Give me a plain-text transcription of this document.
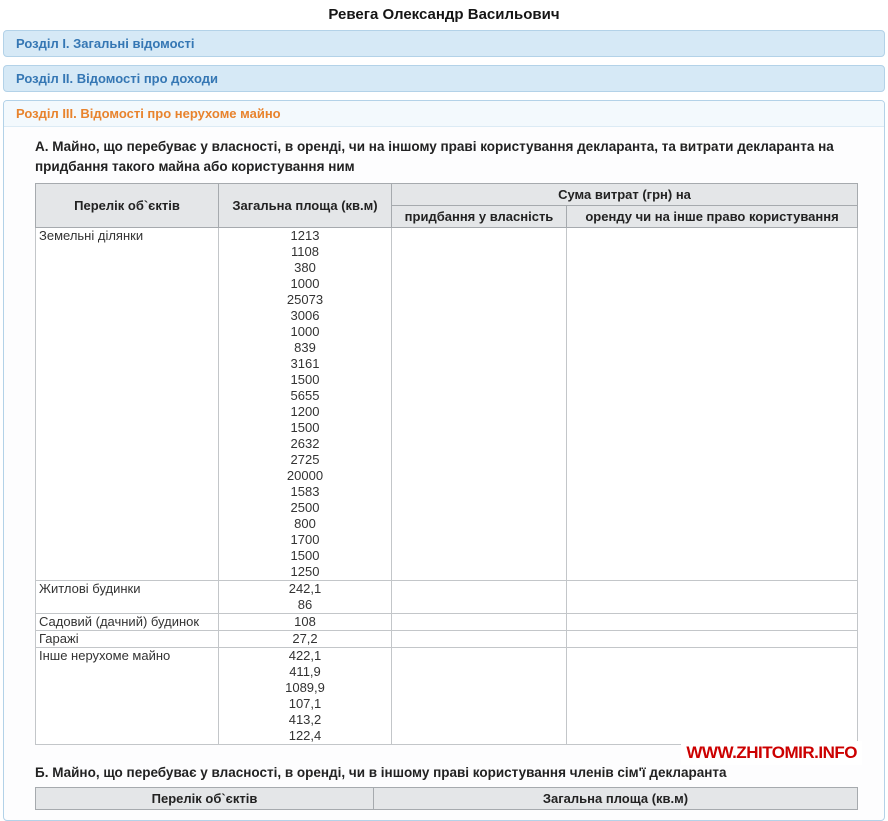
Ревега Олександр Васильович
Розділ I. Загальні відомості
Розділ II. Відомості про доходи
Розділ III. Відомості про нерухоме майно
А. Майно, що перебуває у власності, в оренді, чи на іншому праві користування декларанта, та витрати декларанта на придбання такого майна або користування ним
Перелік об`єктів	Загальна площа (кв.м)	Сума витрат (грн) на	
		придбання у власність	оренду чи на інше право користування
Земельні ділянки	1213
1108
380
1000
25073
3006
1000
839
3161
1500
5655
1200
1500
2632
2725
20000
1583
2500
800
1700
1500
1250

Житлові будинки	242,1
86		

Садовий (дачний) будинок	108		

Гаражі	27,2		

Інше нерухоме майно	422,1
411,9
1089,9
107,1
413,2
122,4

Б. Майно, що перебуває у власності, в оренді, чи в іншому праві користування членів сім'ї декларанта
Перелік об`єктів	Загальна площа (кв.м)
WWW.ZHITOMIR.INFO
